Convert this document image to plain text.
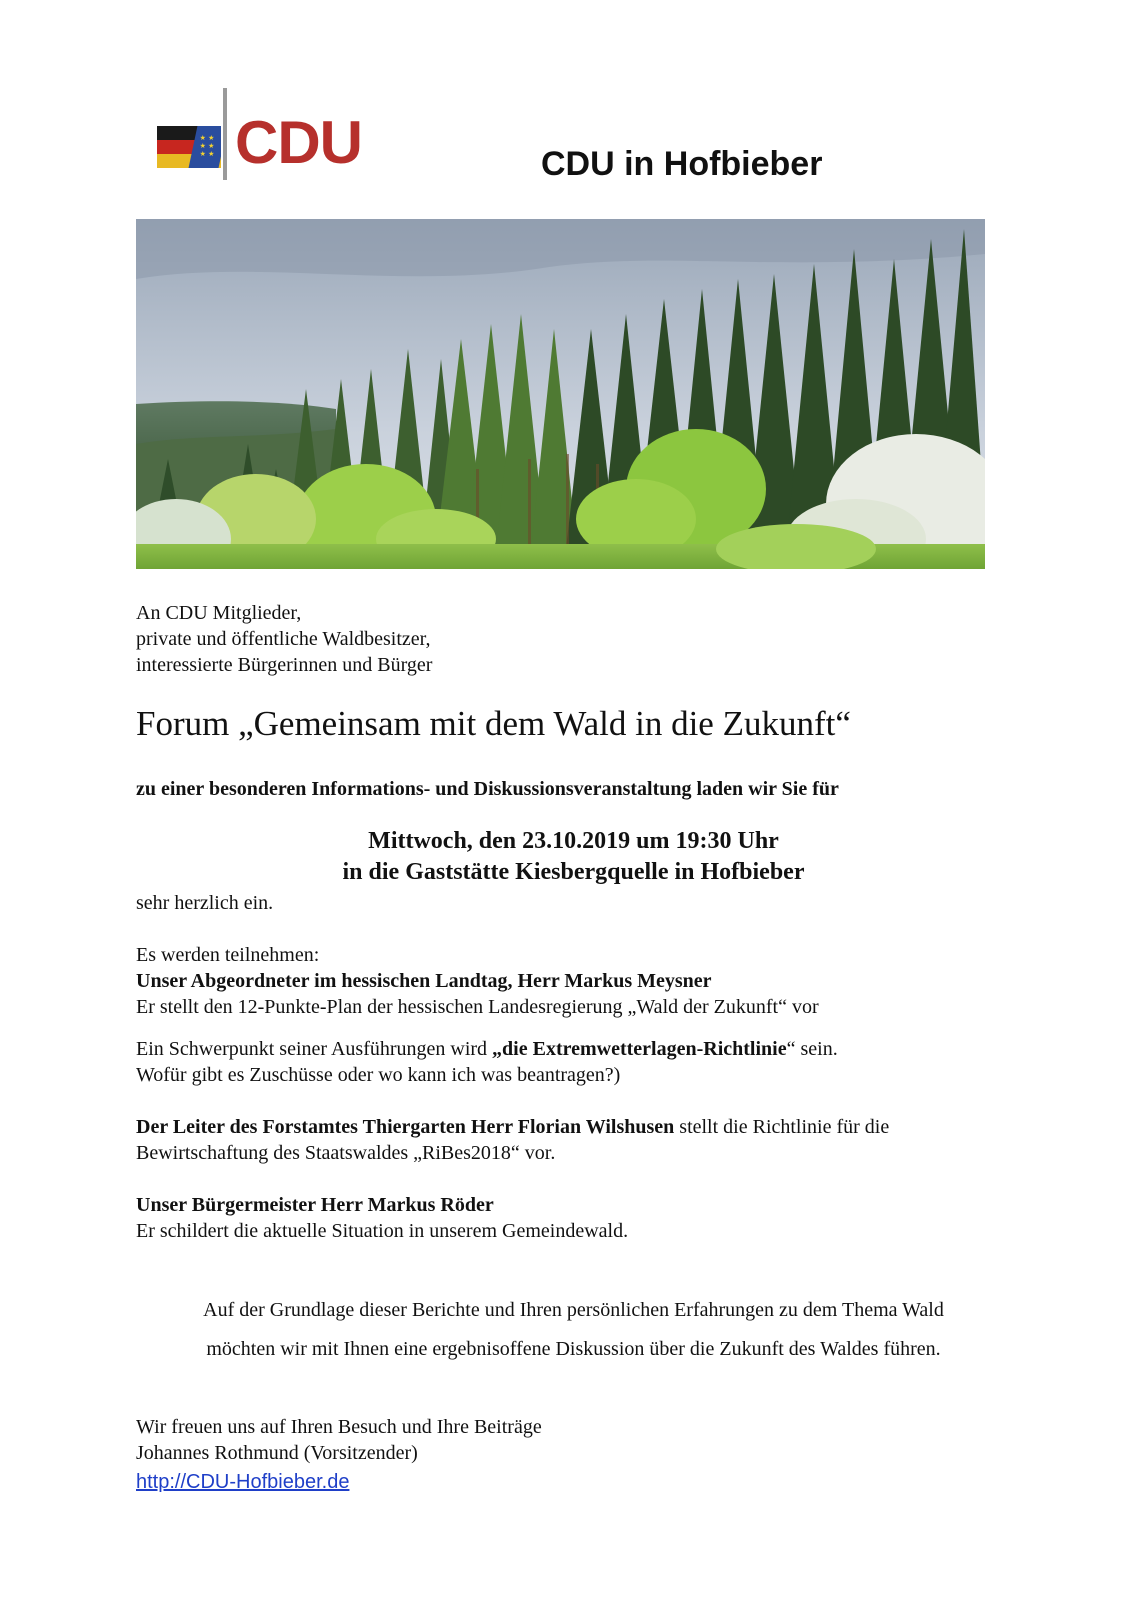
★ ★
★ ★
★ ★ CDU	CDU in Hofbieber
An CDU Mitglieder,
private und öffentliche Waldbesitzer,
interessierte Bürgerinnen und Bürger
Forum „Gemeinsam mit dem Wald in die Zukunft“
zu einer besonderen Informations- und Diskussionsveranstaltung laden wir Sie für
Mittwoch, den 23.10.2019 um 19:30 Uhr
in die Gaststätte Kiesbergquelle in Hofbieber
sehr herzlich ein.
Es werden teilnehmen:
Unser Abgeordneter im hessischen Landtag, Herr Markus Meysner
Er stellt den 12-Punkte-Plan der hessischen Landesregierung „Wald der Zukunft“ vor
Ein Schwerpunkt seiner Ausführungen wird „die Extremwetterlagen-Richtlinie“ sein.
Wofür gibt es Zuschüsse oder wo kann ich was beantragen?)
Der Leiter des Forstamtes Thiergarten Herr Florian Wilshusen stellt die Richtlinie für die
Bewirtschaftung des Staatswaldes „RiBes2018“ vor.
Unser Bürgermeister Herr Markus Röder
Er schildert die aktuelle Situation in unserem Gemeindewald.
Auf der Grundlage dieser Berichte und Ihren persönlichen Erfahrungen zu dem Thema Wald
möchten wir mit Ihnen eine ergebnisoffene Diskussion über die Zukunft des Waldes führen.
Wir freuen uns auf Ihren Besuch und Ihre Beiträge
Johannes Rothmund (Vorsitzender)
http://CDU-Hofbieber.de
